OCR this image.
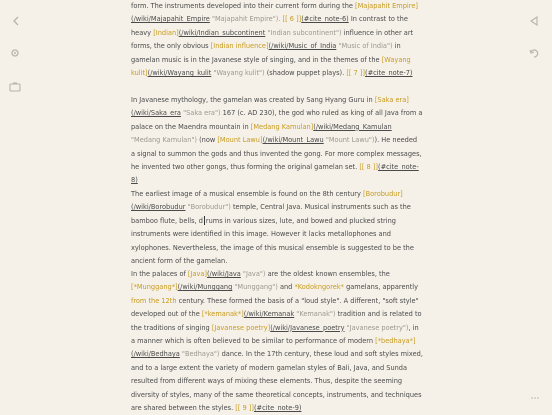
form. The instruments developed into their current form during the [Majapahit Empire](/wiki/Majapahit_Empire "Majapahit Empire"). [[ 6 ]](#cite_note-6) In contrast to the heavy [Indian](/wiki/Indian_subcontinent "Indian subcontinent") influence in other art forms, the only obvious [Indian influence](/wiki/Music_of_India "Music of India") in gamelan music is in the Javanese style of singing, and in the themes of the [Wayang kulit](/wiki/Wayang_kulit "Wayang kulit") (shadow puppet plays). [[ 7 ]](#cite_note-7)

In Javanese mythology, the gamelan was created by Sang Hyang Guru in [Saka era](/wiki/Saka_era "Saka era") 167 (c. AD 230), the god who ruled as king of all Java from a palace on the Maendra mountain in [Medang Kamulan](/wiki/Medang_Kamulan "Medang Kamulan") (now [Mount Lawu](/wiki/Mount_Lawu "Mount Lawu")). He needed a signal to summon the gods and thus invented the gong. For more complex messages, he invented two other gongs, thus forming the original gamelan set. [[ 8 ]](#cite_note-8)

The earliest image of a musical ensemble is found on the 8th century [Borobudur](/wiki/Borobudur "Borobudur") temple, Central Java. Musical instruments such as the bamboo flute, bells, d rums in various sizes, lute, and bowed and plucked string instruments were identified in this image. However it lacks metallophones and xylophones. Nevertheless, the image of this musical ensemble is suggested to be the ancient form of the gamelan.

In the palaces of [Java](/wiki/Java "Java") are the oldest known ensembles, the [*Munggang*](/wiki/Munggang "Munggang") and *Kodokngorek* gamelans, apparently from the 12th century. These formed the basis of a "loud style". A different, "soft style" developed out of the [*kemanak*](/wiki/Kemanak "Kemanak") tradition and is related to the traditions of singing [Javanese poetry](/wiki/Javanese_poetry "Javanese poetry"), in a manner which is often believed to be similar to performance of modern [*bedhaya*](/wiki/Bedhaya "Bedhaya") dance. In the 17th century, these loud and soft styles mixed, and to a large extent the variety of modern gamelan styles of Bali, Java, and Sunda resulted from different ways of mixing these elements. Thus, despite the seeming diversity of styles, many of the same theoretical concepts, instruments, and techniques are shared between the styles. [[ 9 ]](#cite_note-9)
